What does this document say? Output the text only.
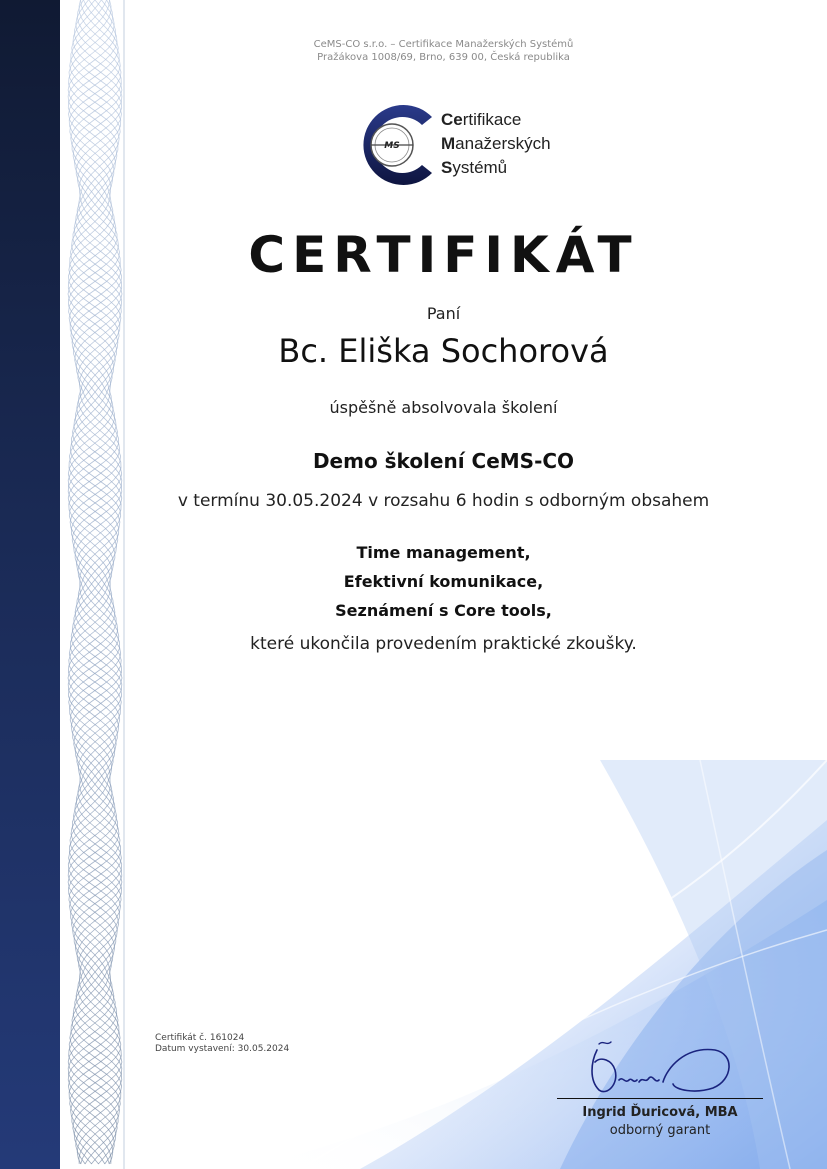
CeMS-CO s.r.o. – Certifikace Manažerských Systémů
Pražákova 1008/69, Brno, 639 00, Česká republika
MS
Certifikace
Manažerských
Systémů
CERTIFIKÁT
Paní
Bc. Eliška Sochorová
úspěšně absolvovala školení
Demo školení CeMS-CO
v termínu 30.05.2024 v rozsahu 6 hodin s odborným obsahem
Time management,
Efektivní komunikace,
Seznámení s Core tools,
které ukončila provedením praktické zkoušky.
Certifikát č. 161024
Datum vystavení: 30.05.2024
Ingrid Ďuricová, MBA
odborný garant
